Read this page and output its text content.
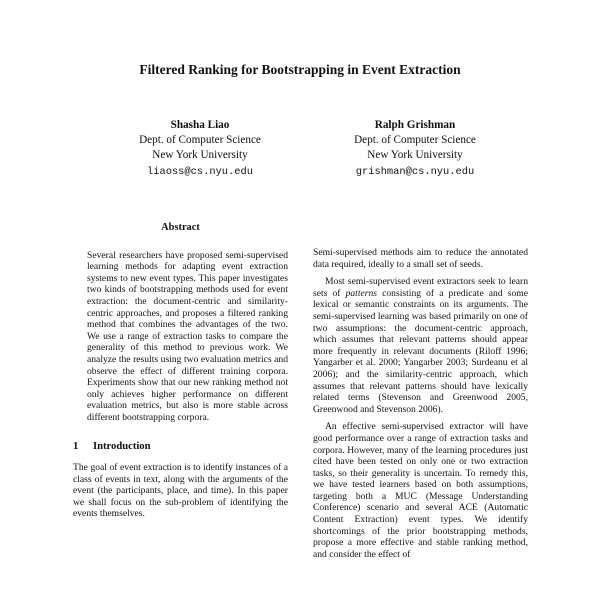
Filtered Ranking for Bootstrapping in Event Extraction
Shasha Liao
Dept. of Computer Science
New York University
liaoss@cs.nyu.edu
Ralph Grishman
Dept. of Computer Science
New York University
grishman@cs.nyu.edu
Abstract

Several researchers have proposed semi-supervised learning methods for adapting event extraction systems to new event types. This paper investigates two kinds of bootstrapping methods used for event extraction: the document-centric and similarity-centric approaches, and proposes a filtered ranking method that combines the advantages of the two. We use a range of extraction tasks to compare the generality of this method to previous work. We analyze the results using two evaluation metrics and observe the effect of different training corpora. Experiments show that our new ranking method not only achieves higher performance on different evaluation metrics, but also is more stable across different bootstrapping corpora.

1 Introduction

The goal of event extraction is to identify instances of a class of events in text, along with the arguments of the event (the participants, place, and time). In this paper we shall focus on the sub-problem of identifying the events themselves.

Semi-supervised methods aim to reduce the annotated data required, ideally to a small set of seeds.

Most semi-supervised event extractors seek to learn sets of patterns consisting of a predicate and some lexical or semantic constraints on its arguments. The semi-supervised learning was based primarily on one of two assumptions: the document-centric approach, which assumes that relevant patterns should appear more frequently in relevant documents (Riloff 1996; Yangarber et al. 2000; Yangarber 2003; Surdeanu et al 2006); and the similarity-centric approach, which assumes that relevant patterns should have lexically related terms (Stevenson and Greenwood 2005, Greenwood and Stevenson 2006).

An effective semi-supervised extractor will have good performance over a range of extraction tasks and corpora. However, many of the learning procedures just cited have been tested on only one or two extraction tasks, so their generality is uncertain. To remedy this, we have tested learners based on both assumptions, targeting both a MUC (Message Understanding Conference) scenario and several ACE (Automatic Content Extraction) event types. We identify shortcomings of the prior bootstrapping methods, propose a more effective and stable ranking method, and consider the effect of
